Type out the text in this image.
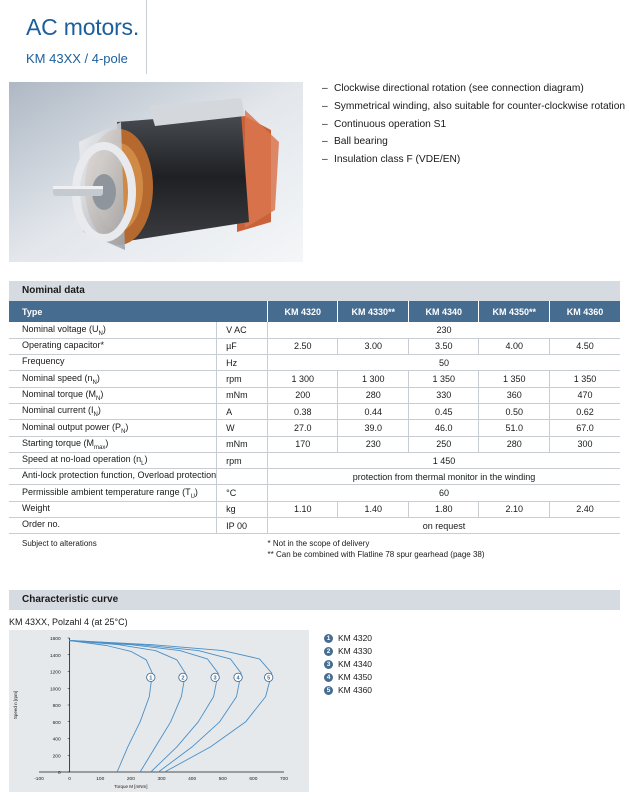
AC motors.
KM 43XX / 4-pole
– Clockwise directional rotation (see connection diagram)
– Symmetrical winding, also suitable for counter-clockwise rotation
– Continuous operation S1
– Ball bearing
– Insulation class F (VDE/EN)
Nominal data
Type		KM 4320	KM 4330**	KM 4340	KM 4350**	KM 4360
Nominal voltage $(U_N)$	V AC	230				
Operating capacitor*	µF	2.50	3.00	3.50	4.00	4.50
Frequency	Hz	50				
Nominal speed $(n_N)$	rpm	1 300	1 300	1 350	1 350	1 350
Nominal torque $(M_N)$	mNm	200	280	330	360	470
Nominal current $(I_N)$	A	0.38	0.44	0.45	0.50	0.62
Nominal output power $(P_N)$	W	27.0	39.0	46.0	51.0	67.0
Starting torque $(M_{max})$	mNm	170	230	250	280	300
Speed at no-load operation $(n_L)$	rpm	1 450				
Anti-lock protection function, Overload protection		protection from thermal monitor in the winding				
Permissible ambient temperature range $(T_U)$	°C	60				
Weight	kg	1.10	1.40	1.80	2.10	2.40
Order no.	IP 00	on request				
Subject to alterations		* Not in the scope of delivery
** Can be combined with Flatline 78 spur gearhead (page 38)				
Characteristic curve
KM 43XX, Polzahl 4 (at 25°C)
0
200
400
600
800
1000
1200
1400
1600
-100	0	100	200	300	400	500	600	700
Torque M [mNm]
Speed n [rpm]
1	2	3	4	5
1 KM 4320
2 KM 4330
3 KM 4340
4 KM 4350
5 KM 4360
